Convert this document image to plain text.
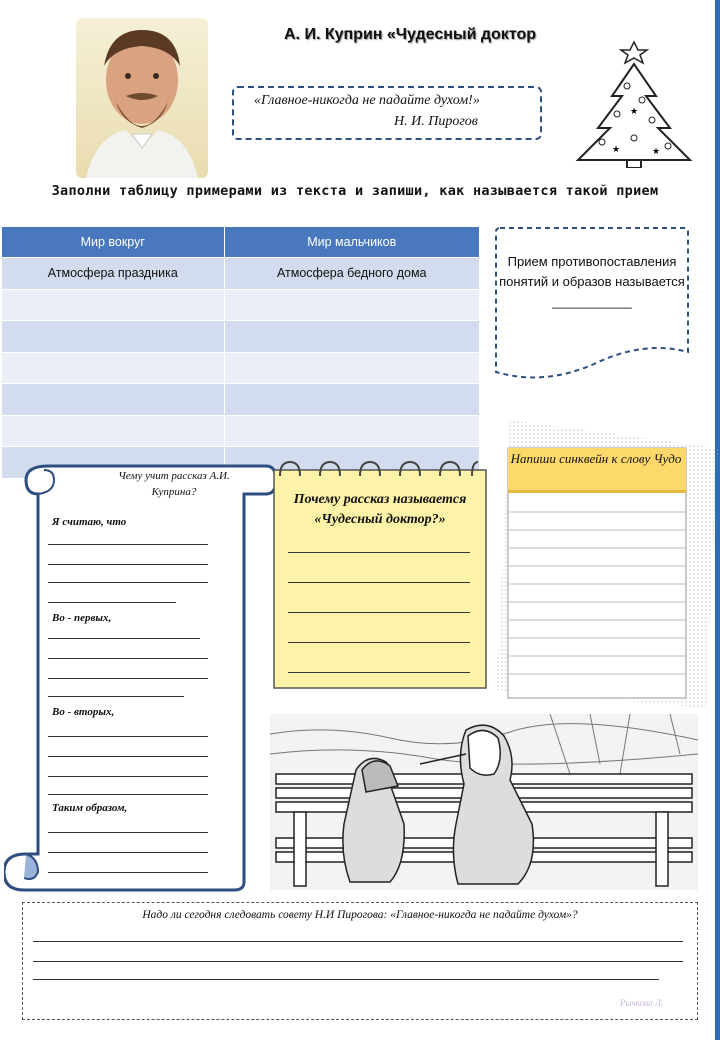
А. И. Куприн «Чудесный доктор
«Главное-никогда не падайте духом!»
Н. И. Пирогов
★
★	★
Заполни таблицу примерами из текста и запиши, как называется такой прием
Мир вокруг	Мир мальчиков
Атмосфера праздника	Атмосфера бедного дома

Прием противопоставления понятий и образов называется
___________
Чему учит рассказ А.И. Куприна?
Я считаю, что
Во - первых,
Во - вторых,
Таким образом,
Почему рассказ называется «Чудесный доктор?»
Напиши синквейн к слову Чудо
Надо ли сегодня следовать совету Н.И Пирогова: «Главное-никогда не падайте духом»?
Рычкова Л.
